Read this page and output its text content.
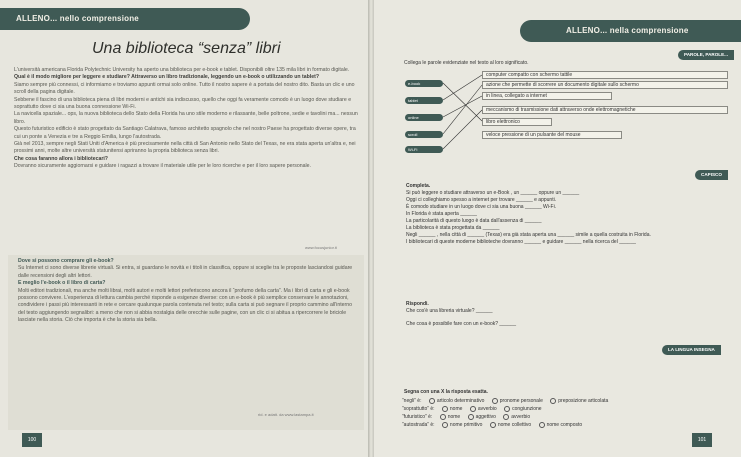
ALLENO... nello comprensione
Una biblioteca “senza” libri

L'università americana Florida Polytechnic University ha aperto una biblioteca per e-book e tablet. Disponibili oltre 135 mila libri in formato digitale.

Qual è il modo migliore per leggere e studiare? Attraverso un libro tradizionale, leggendo un e-book o utilizzando un tablet?

Siamo sempre più connessi, ci informiamo e troviamo appunti ormai solo online. Tutto il nostro sapere è a portata del nostro dito. Basta un clic e uno scroll della pagina digitale.

Sebbene il fascino di una biblioteca piena di libri moderni e antichi sia indiscusso, quello che oggi fa veramente comodo è un luogo dove studiare e soprattutto dove ci sia una buona connessione Wi-Fi.

La navicella spaziale... ops, la nuova biblioteca dello Stato della Florida ha uno stile moderno e rilassante, belle poltrone, sedie e tavolini ma... nessun libro.

Questo futuristico edificio è stato progettato da Santiago Calatrava, famoso architetto spagnolo che nel nostro Paese ha progettato diverse opere, tra cui un ponte a Venezia e tre a Reggio Emilia, lungo l'autostrada.

Già nel 2013, sempre negli Stati Uniti d'America è più precisamente nella città di San Antonio nello Stato del Texas, ne era stata aperta un'altra e, nei prossimi anni, molte altre università statunitensi apriranno la propria biblioteca senza libri.

Che cosa faranno allora i bibliotecari?

Dovranno sicuramente aggiornarsi e guidare i ragazzi a trovare il materiale utile per le loro ricerche e per il loro sapere personale.

www.focusjunior.it

Dove si possono comprare gli e-book?

Su Internet ci sono diverse librerie virtuali. Si entra, si guardano le novità e i titoli in classifica, oppure si sceglie tra le proposte lasciandosi guidare dalle recensioni degli altri lettori.

E meglio l'e-book o il libro di carta?

Molti editori tradizionali, ma anche molti librai, molti autori e molti lettori preferiscono ancora il “profumo della carta”. Ma i libri di carta e gli e-book possono convivere. L'esperienza di lettura cambia perché risponde a esigenze diverse: con un e-book è più semplice conservare le annotazioni, condividere i passi più interessanti in rete e cercare qualunque parola contenuta nel testo; sulla carta si può segnare il proprio cammino all'interno del testo aggiungendo segnalibri: a meno che non si abbia nostalgia delle orecchie sulle pagine, con un clic ci si abitua a ripercorrere le briciole lasciate nella storia. Ciò che importa è che la storia sia bella.

rid. e adatt. da www.lastampa.it
100
ALLENO... nella comprensione
PAROLE, PAROLE...
Collega le parole evidenziate nel testo al loro significato.
e-book
tablet
online
scroll
Wi-Fi
computer compatto con schermo tattile
azione che permette di scorrere un documento digitale sullo schermo
in linea, collegato a internet
meccanismo di trasmissione dati attraverso onde elettromagnetiche
libro elettronico
veloce pressione di un pulsante del mouse
CAPISCO

Completa.

Si può leggere o studiare attraverso un e-Book , un ______ oppure un ______

Oggi ci colleghiamo spesso a internet per trovare ______ e appunti.

È comodo studiare in un luogo dove ci sia una buona ______ Wi-Fi.

In Florida è stata aperta ______

La particolarità di questo luogo è data dall'assenza di ______

La biblioteca è stata progettata da ______

Negli ______ , nella città di ______ (Texas) era già stata aperta una ______ simile a quella costruita in Florida.

I bibliotecari di queste moderne biblioteche dovranno ______ e guidare ______ nella ricerca del ______

Rispondi.

Che cos'è una libreria virtuale? ______

Che cosa è possibile fare con un e-book? ______

LA LINGUA INSEGNA
Segna con una X la risposta esatta.
“negli” è:	articolo determinativo	pronome personale	preposizione articolata
“soprattutto” è:	nome	avverbio	congiunzione
“futuristico” è:	nome	aggettivo	avverbio
“autostrada” è:	nome primitivo	nome collettivo	nome composto
101
